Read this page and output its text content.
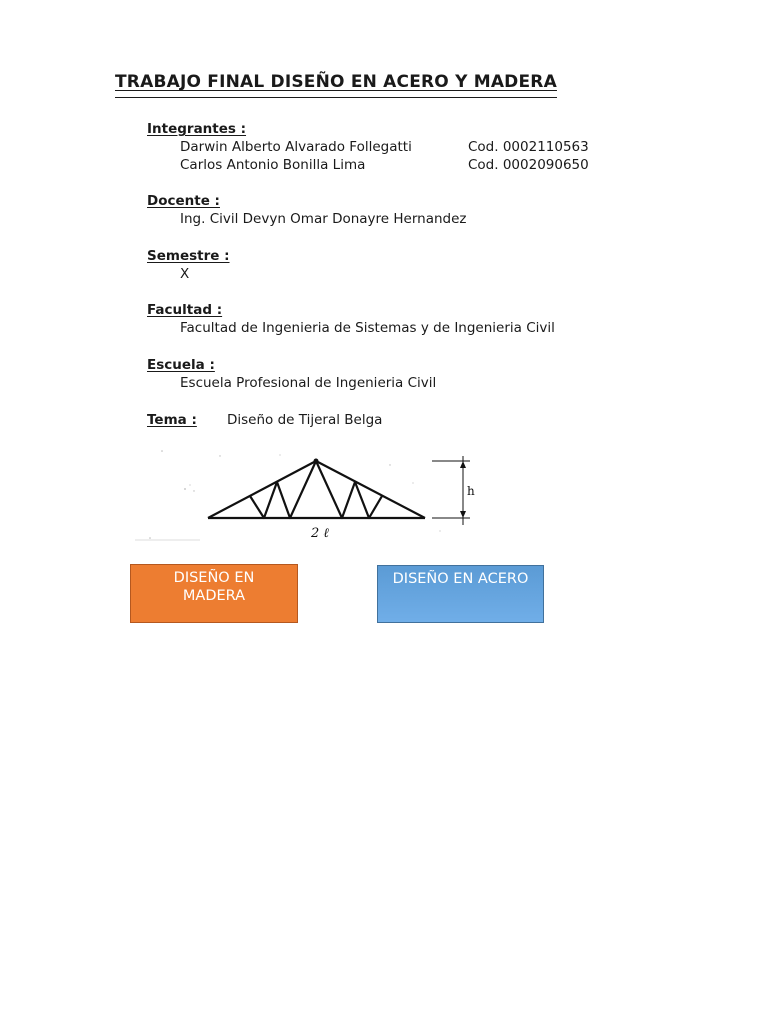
TRABAJO FINAL DISEÑO EN ACERO Y MADERA
Integrantes :
Darwin Alberto Alvarado Follegatti	Cod. 0002110563
Carlos Antonio Bonilla Lima	Cod. 0002090650
Docente :
Ing. Civil Devyn Omar Donayre Hernandez
Semestre :
X
Facultad :
Facultad de Ingenieria de Sistemas y de Ingenieria Civil
Escuela :
Escuela Profesional de Ingenieria Civil
Tema : Diseño de Tijeral Belga
h
2 ℓ
DISEÑO EN MADERA
DISEÑO EN ACERO
